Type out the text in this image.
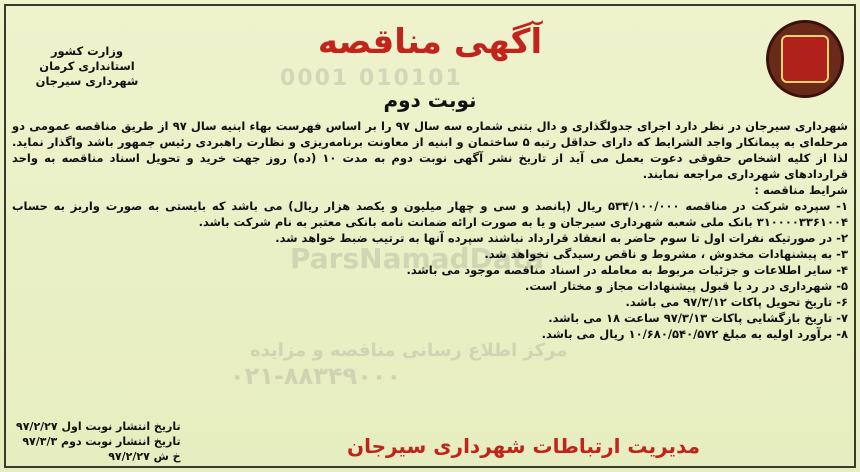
وزارت کشور
استانداری کرمان
شهرداری سیرجان	010101 0001
ParsNamadData
مرکز اطلاع رسانی مناقصه و مزایده
۰۲۱-۸۸۳۴۹۰۰۰
آگهی مناقصه
نوبت دوم

شهرداری سیرجان در نظر دارد اجرای جدولگذاری و دال بتنی شماره سه سال ۹۷ را بر اساس فهرست بهاء ابنیه سال ۹۷ از طریق مناقصه عمومی دو مرحله‌ای به پیمانکار واجد الشرایط که دارای حداقل رتبه ۵ ساختمان و ابنیه از معاونت برنامه‌ریزی و نظارت راهبردی رئیس جمهور باشد واگذار نماید. لذا از کلیه اشخاص حقوقی دعوت بعمل می آید از تاریخ نشر آگهی نوبت دوم به مدت ۱۰ (ده) روز جهت خرید و تحویل اسناد مناقصه به واحد قراردادهای شهرداری مراجعه نمایند.

شرایط مناقصه :

۱- سپرده شرکت در مناقصه ۵۳۴/۱۰۰/۰۰۰ ریال (پانصد و سی و چهار میلیون و یکصد هزار ریال) می باشد که بایستی به صورت واریز به حساب ۳۱۰۰۰۰۳۳۶۱۰۰۴ بانک ملی شعبه شهرداری سیرجان و یا به صورت ارائه ضمانت نامه بانکی معتبر به نام شرکت باشد.
۲- در صورتیکه نفرات اول تا سوم حاضر به انعقاد قرارداد نباشند سپرده آنها به ترتیب ضبط خواهد شد.
۳- به پیشنهادات مخدوش ، مشروط و ناقص رسیدگی نخواهد شد.
۴- سایر اطلاعات و جزئیات مربوط به معامله در اسناد مناقصه موجود می باشد.
۵- شهرداری در رد یا قبول پیشنهادات مجاز و مختار است.
۶- تاریخ تحویل پاکات ۹۷/۳/۱۲ می باشد.
۷- تاریخ بازگشایی پاکات ۹۷/۳/۱۳ ساعت ۱۸ می باشد.
۸- برآورد اولیه به مبلغ ۱۰/۶۸۰/۵۴۰/۵۷۲ ریال می باشد.
مدیریت ارتباطات شهرداری سیرجان
تاریخ انتشار نوبت اول ۹۷/۲/۲۷
تاریخ انتشار نوبت دوم ۹۷/۳/۳
خ ش ۹۷/۲/۲۷
